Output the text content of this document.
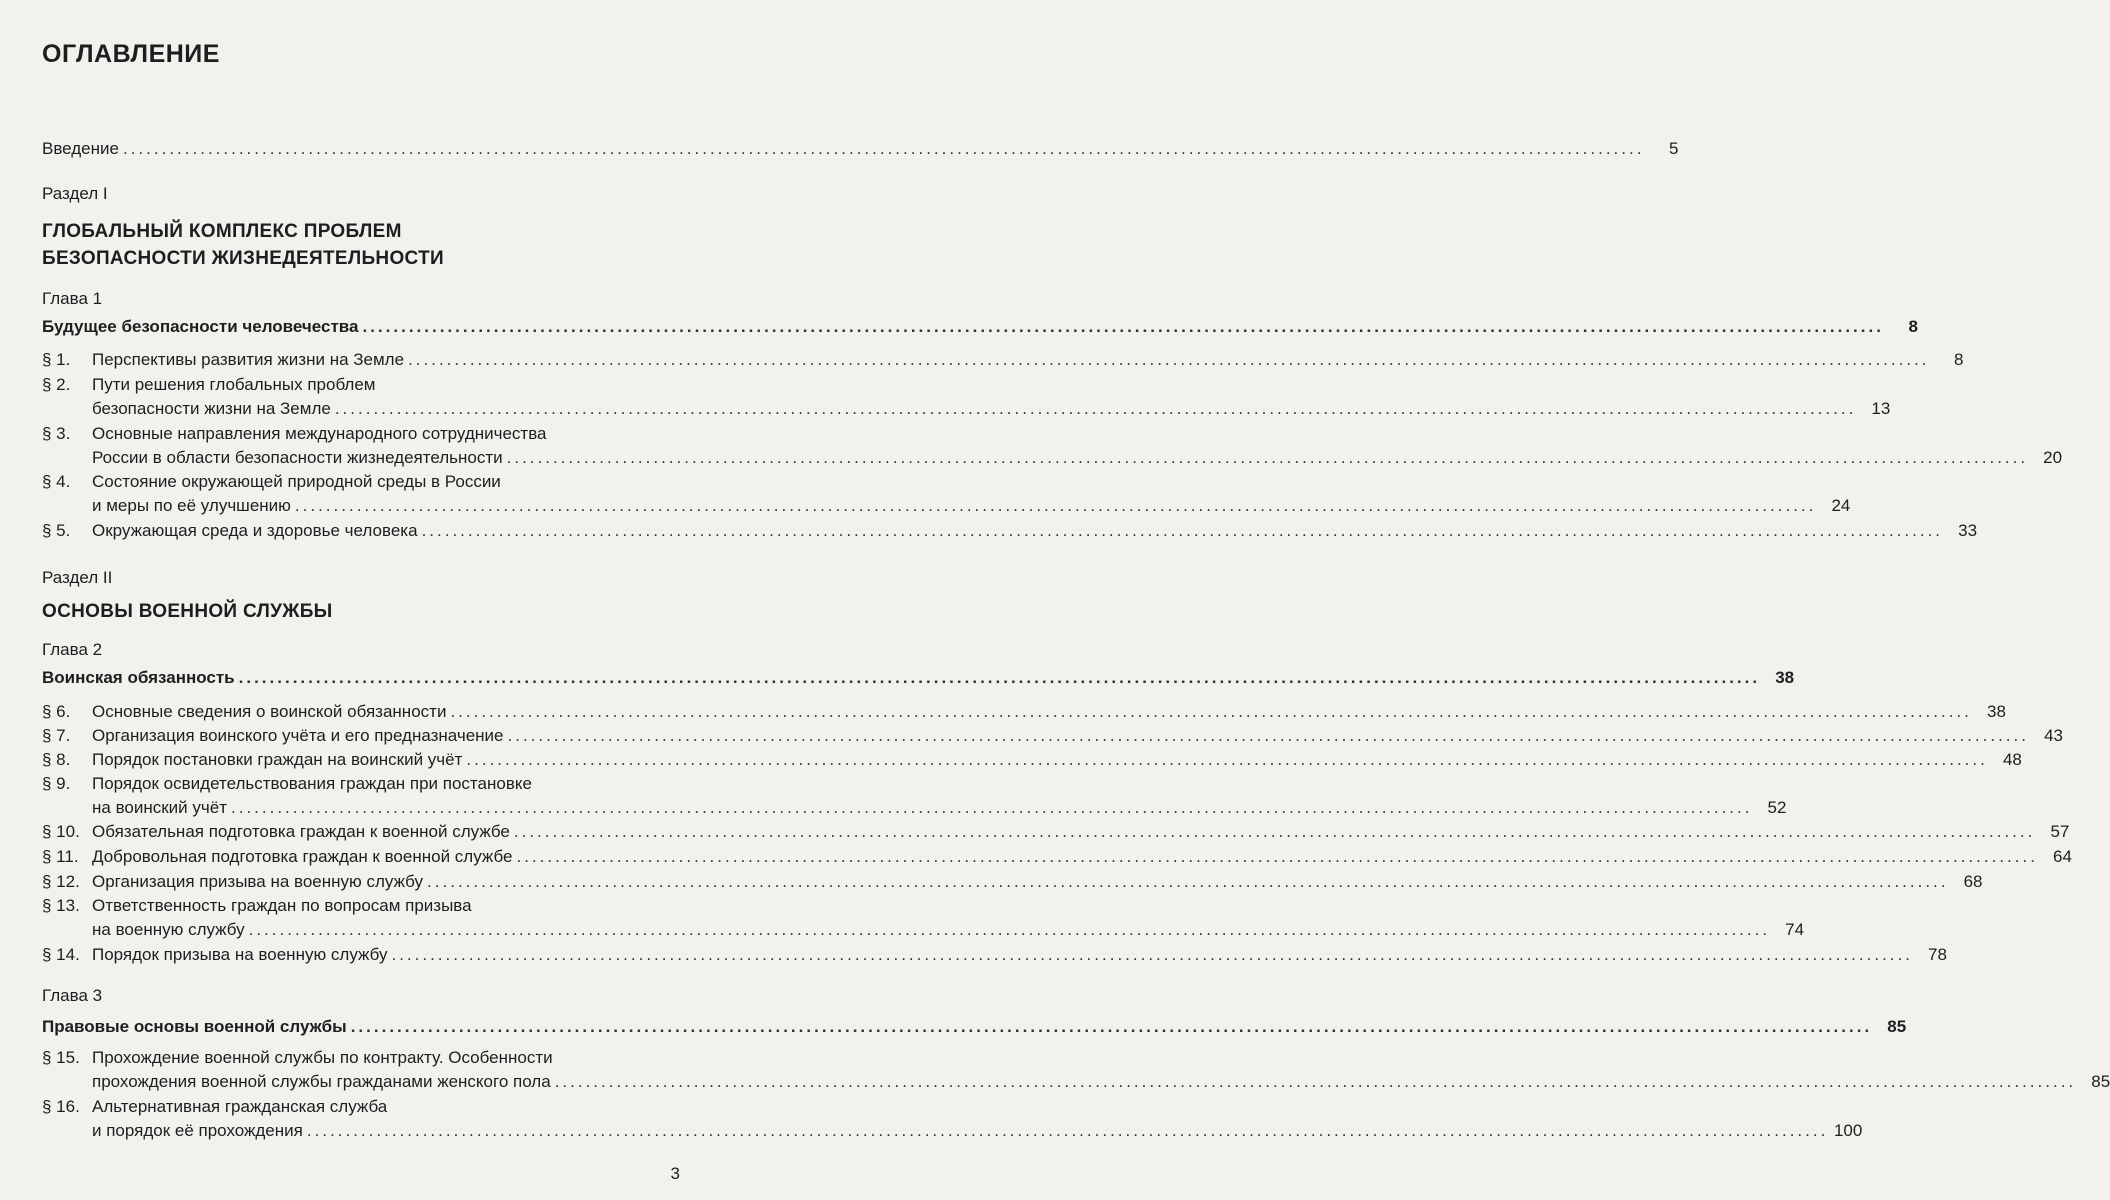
ОГЛАВЛЕНИЕ
Введение .....	5
Раздел I
ГЛОБАЛЬНЫЙ КОМПЛЕКС ПРОБЛЕМ
БЕЗОПАСНОСТИ ЖИЗНЕДЕЯТЕЛЬНОСТИ
Глава 1
Будущее безопасности человечества .....	8
§ 1.	Перспективы развития жизни на Земле .....	8
§ 2.	Пути решения глобальных проблем
безопасности жизни на Земле .....	13
§ 3.	Основные направления международного сотрудничества
России в области безопасности жизнедеятельности .....	20
§ 4.	Состояние окружающей природной среды в России
и меры по её улучшению .....	24
§ 5.	Окружающая среда и здоровье человека .....	33
Раздел II
ОСНОВЫ ВОЕННОЙ СЛУЖБЫ
Глава 2
Воинская обязанность .....	38
§ 6.	Основные сведения о воинской обязанности .....	38
§ 7.	Организация воинского учёта и его предназначение .....	43
§ 8.	Порядок постановки граждан на воинский учёт .....	48
§ 9.	Порядок освидетельствования граждан при постановке
на воинский учёт .....	52
§ 10. Обязательная подготовка граждан к военной службе .....	57
§ 11. Добровольная подготовка граждан к военной службе .....	64
§ 12. Организация призыва на военную службу .....	68
§ 13. Ответственность граждан по вопросам призыва
на военную службу .....	74
§ 14. Порядок призыва на военную службу .....	78
Глава 3
Правовые основы военной службы .....	85
§ 15. Прохождение военной службы по контракту. Особенности
прохождения военной службы гражданами женского пола .....	85
§ 16. Альтернативная гражданская служба
и порядок её прохождения .....	100
3
